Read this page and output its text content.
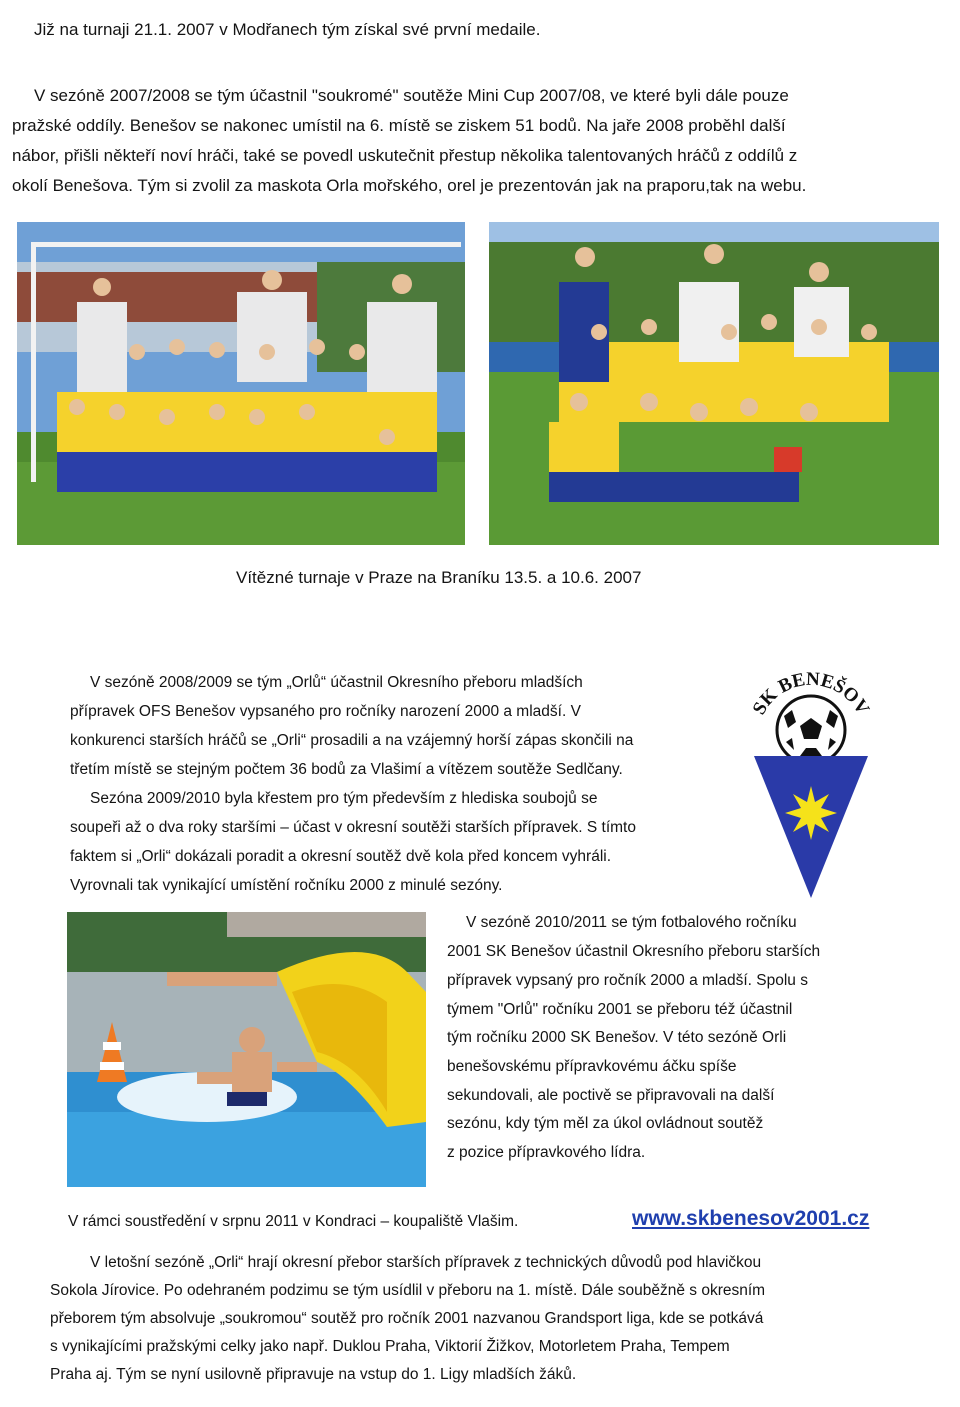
Již na turnaji 21.1. 2007 v Modřanech tým získal své první medaile.
V sezóně 2007/2008 se tým účastnil "soukromé" soutěže Mini Cup 2007/08, ve které byli dále pouze
pražské oddíly. Benešov se nakonec umístil na 6. místě se ziskem 51 bodů. Na jaře 2008 proběhl další
nábor, přišli někteří noví hráči, také se povedl uskutečnit přestup několika talentovaných hráčů z oddílů z
okolí Benešova. Tým si zvolil za maskota Orla mořského, orel je prezentován jak na praporu,tak na webu.
Vítězné turnaje v Praze na Braníku 13.5. a 10.6. 2007
V sezóně 2008/2009 se tým „Orlů“ účastnil Okresního přeboru mladších
přípravek OFS Benešov vypsaného pro ročníky narození 2000 a mladší. V
konkurenci starších hráčů se „Orli“ prosadili a na vzájemný horší zápas skončili na
třetím místě se stejným počtem 36 bodů za Vlašimí a vítězem soutěže Sedlčany.
Sezóna 2009/2010 byla křestem pro tým především z hlediska soubojů se
soupeři až o dva roky staršími – účast v okresní soutěži starších přípravek. S tímto
faktem si „Orli“ dokázali poradit a okresní soutěž dvě kola před koncem vyhráli.
Vyrovnali tak vynikající umístění ročníku 2000 z minulé sezóny.
SK BENEŠOV
V sezóně 2010/2011 se tým fotbalového ročníku
2001 SK Benešov účastnil Okresního přeboru starších
přípravek vypsaný pro ročník 2000 a mladší. Spolu s
týmem "Orlů" ročníku 2001 se přeboru též účastnil
tým ročníku 2000 SK Benešov. V této sezóně Orli
benešovskému přípravkovému áčku spíše
sekundovali, ale poctivě se připravovali na další
sezónu, kdy tým měl za úkol ovládnout soutěž
z pozice přípravkového lídra.
V rámci soustředění v srpnu 2011 v Kondraci – koupaliště Vlašim.	www.skbenesov2001.cz
V letošní sezóně „Orli“ hrají okresní přebor starších přípravek z technických důvodů pod hlavičkou
Sokola Jírovice. Po odehraném podzimu se tým usídlil v přeboru na 1. místě. Dále souběžně s okresním
přeborem tým absolvuje „soukromou“ soutěž pro ročník 2001 nazvanou Grandsport liga, kde se potkává
s vynikajícími pražskými celky jako např. Duklou Praha, Viktorií Žižkov, Motorletem Praha, Tempem
Praha aj. Tým se nyní usilovně připravuje na vstup do 1. Ligy mladších žáků.
